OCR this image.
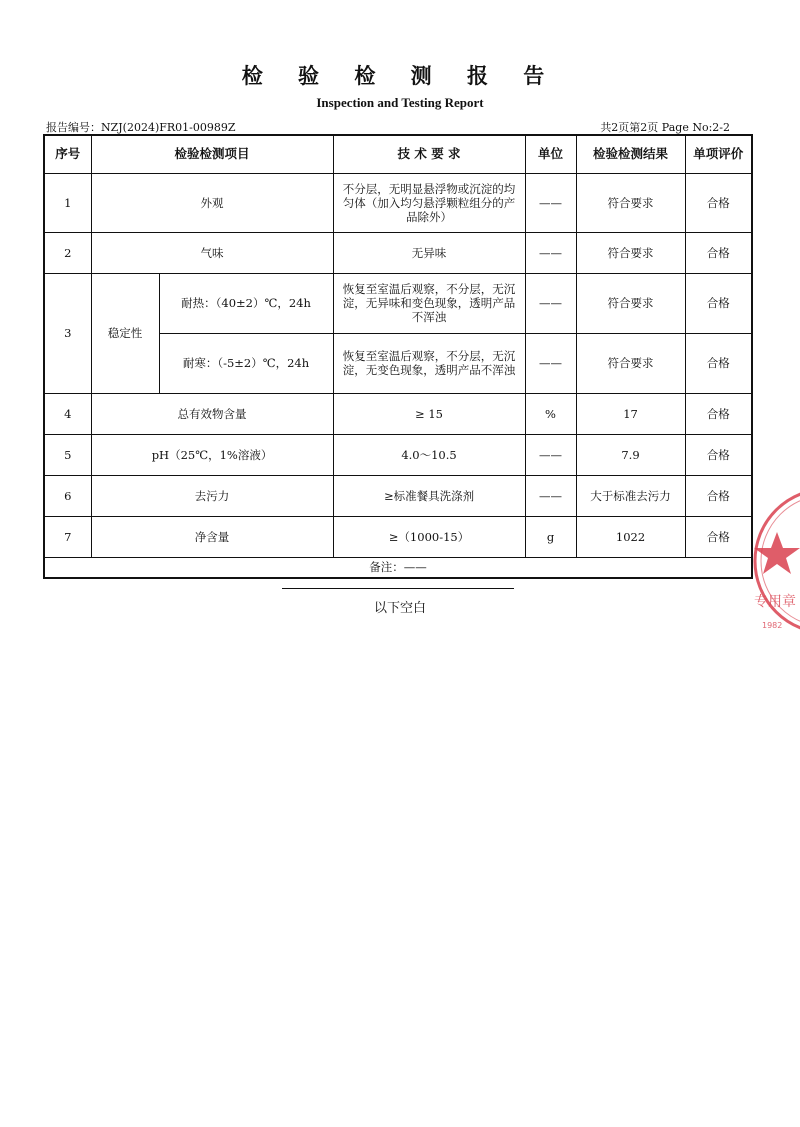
检 验 检 测 报 告
Inspection and Testing Report
报告编号：NZJ(2024)FR01-00989Z	共2页第2页 Page No:2-2
序号	检验检测项目		技 术 要 求	单位	检验检测结果	单项评价
1	外观		不分层，无明显悬浮物或沉淀的均匀体（加入均匀悬浮颗粒组分的产品除外）	——	符合要求	合格
2	气味		无异味	——	符合要求	合格
3	稳定性	耐热：（40±2）℃，24h	恢复至室温后观察，不分层，无沉淀，无异味和变色现象，透明产品不浑浊	——	符合要求	合格
		耐寒：（-5±2）℃，24h	恢复至室温后观察，不分层，无沉淀，无变色现象，透明产品不浑浊	——	符合要求	合格
4	总有效物含量		≥ 15	%	17	合格
5	pH（25℃，1%溶液）		4.0～10.5	——	7.9	合格
6	去污力		≥标准餐具洗涤剂	——	大于标准去污力	合格
7	净含量		≥（1000-15）	g	1022	合格
备注：——						
以下空白	专用章
1982
